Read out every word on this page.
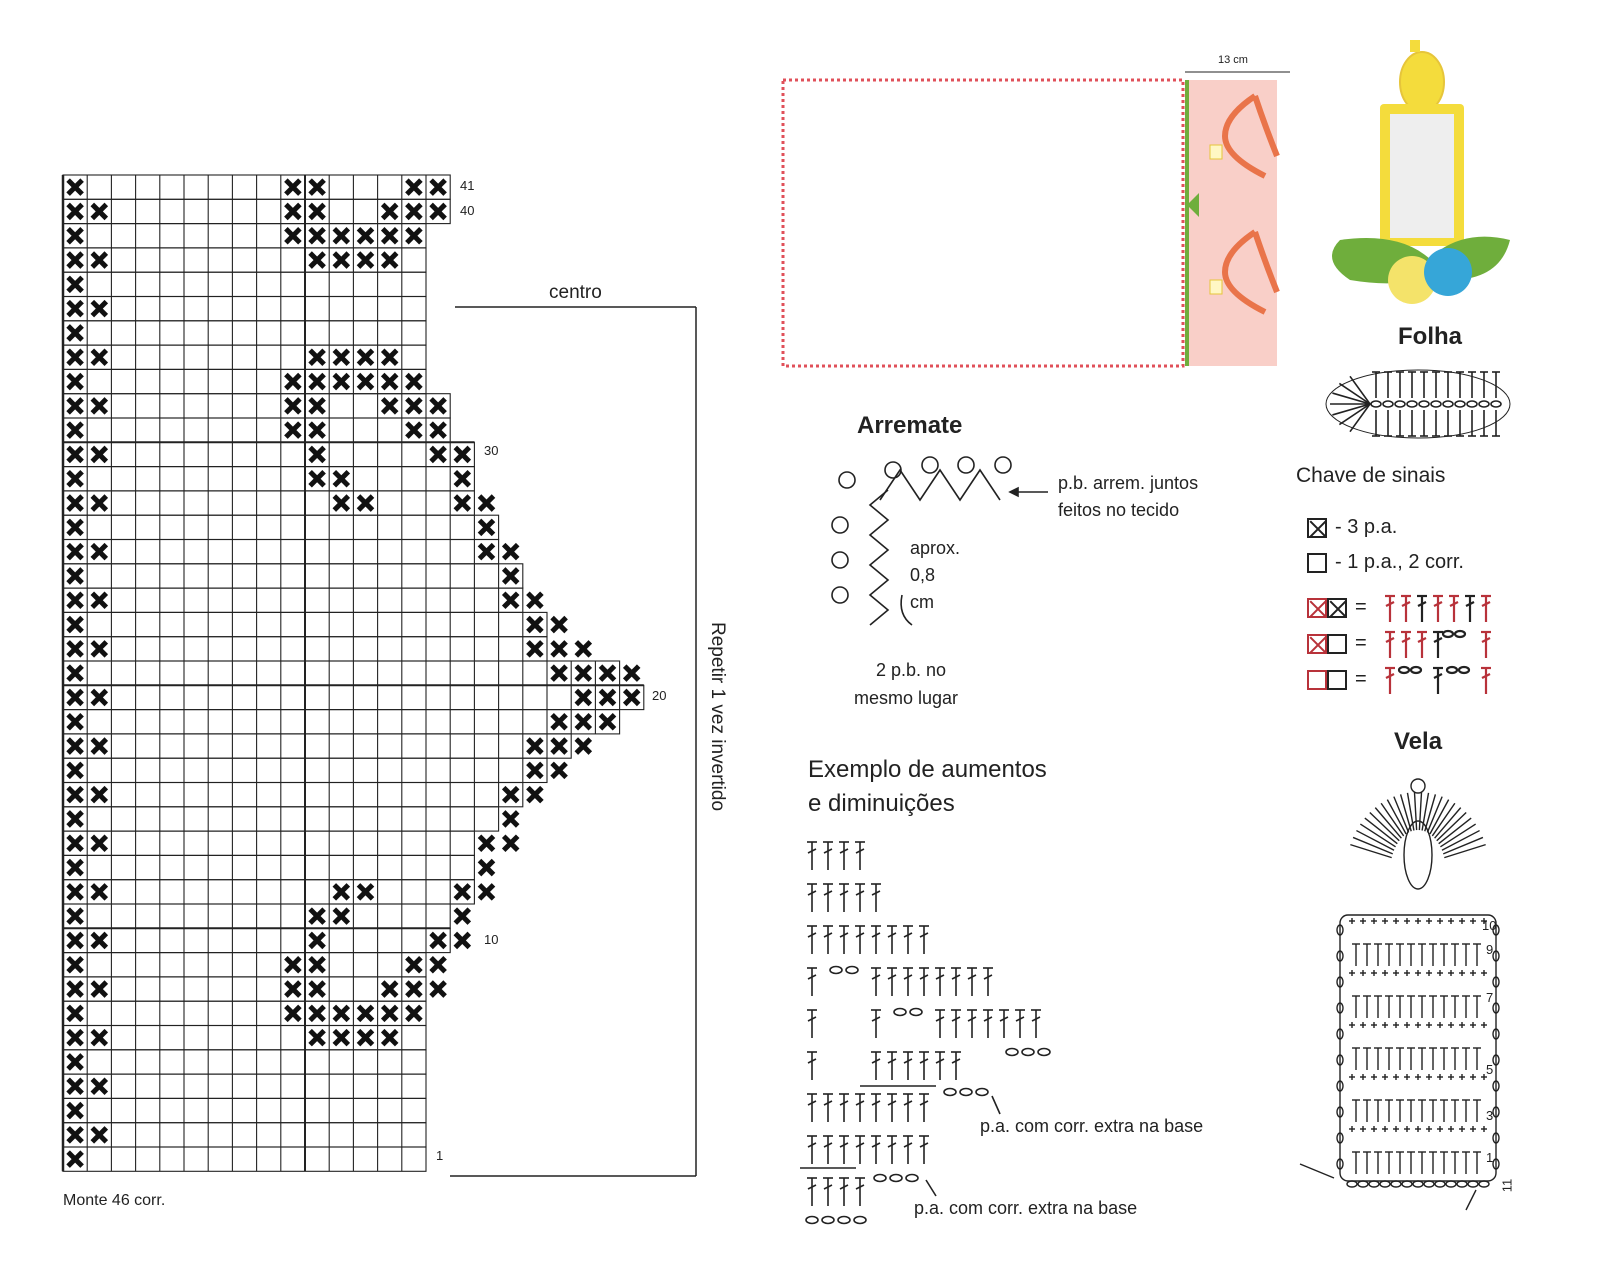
centro
Repetir 1 vez invertido
Monte 46 corr.
41
40
30
20
10
1
13 cm
Folha
Arremate
p.b. arrem. juntos
feitos no tecido
aprox.
0,8
cm
2 p.b. no
mesmo lugar
Chave de sinais
- 3 p.a.
- 1 p.a., 2 corr.
=
=
=
Exemplo de aumentos
e diminuições
p.a. com corr. extra na base
p.a. com corr. extra na base
Vela
10
9
7
5
3
1
11
